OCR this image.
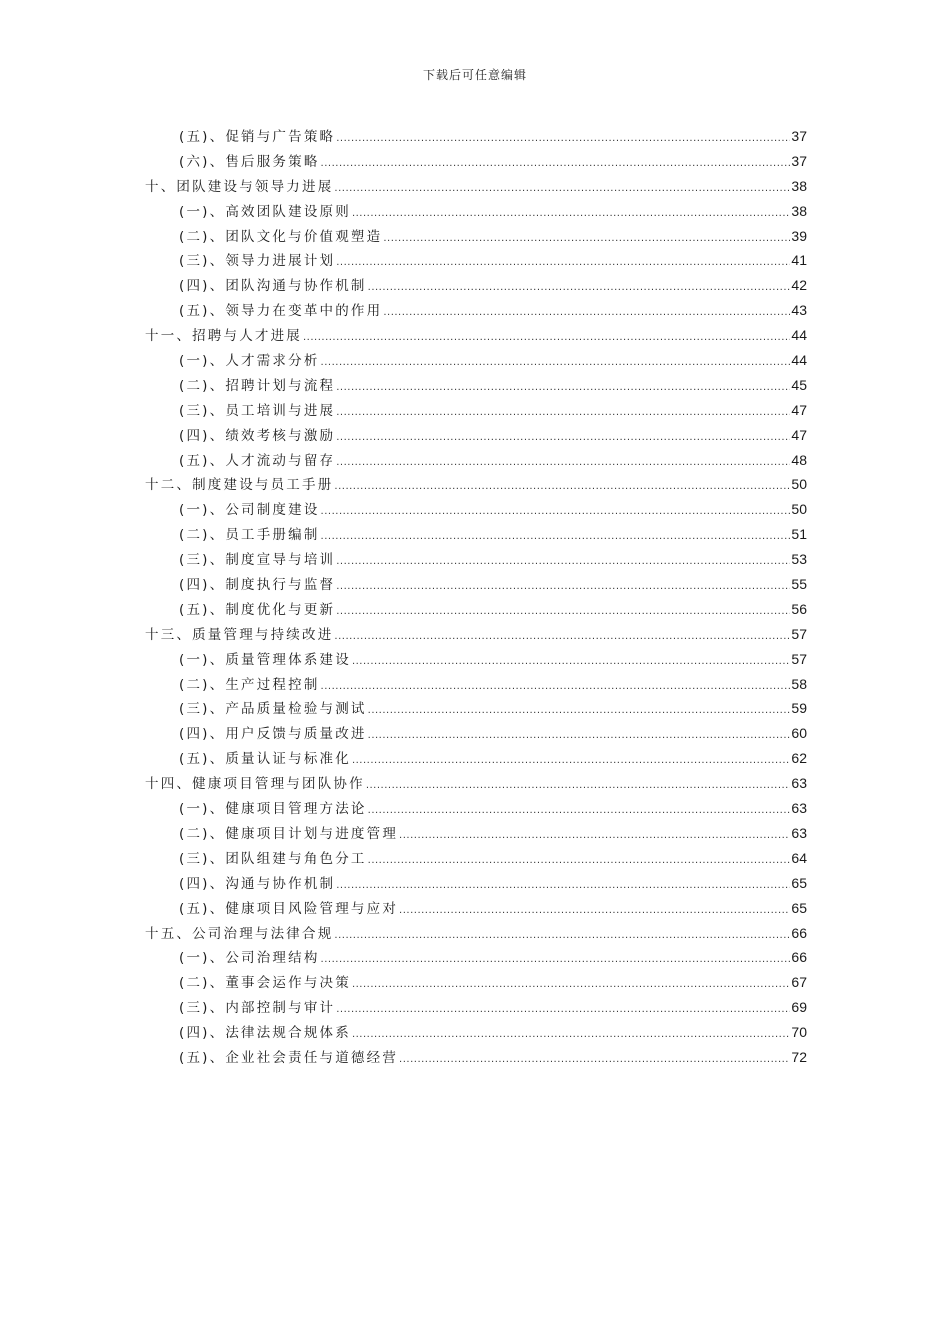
下载后可任意编辑
(五)、促销与广告策略 .....	37
(六)、售后服务策略 .....	37
十、团队建设与领导力进展 .....	38
(一)、高效团队建设原则 .....	38
(二)、团队文化与价值观塑造 .....	39
(三)、领导力进展计划 .....	41
(四)、团队沟通与协作机制 .....	42
(五)、领导力在变革中的作用 .....	43
十一、招聘与人才进展 .....	44
(一)、人才需求分析 .....	44
(二)、招聘计划与流程 .....	45
(三)、员工培训与进展 .....	47
(四)、绩效考核与激励 .....	47
(五)、人才流动与留存 .....	48
十二、制度建设与员工手册 .....	50
(一)、公司制度建设 .....	50
(二)、员工手册编制 .....	51
(三)、制度宣导与培训 .....	53
(四)、制度执行与监督 .....	55
(五)、制度优化与更新 .....	56
十三、质量管理与持续改进 .....	57
(一)、质量管理体系建设 .....	57
(二)、生产过程控制 .....	58
(三)、产品质量检验与测试 .....	59
(四)、用户反馈与质量改进 .....	60
(五)、质量认证与标准化 .....	62
十四、健康项目管理与团队协作 .....	63
(一)、健康项目管理方法论 .....	63
(二)、健康项目计划与进度管理 .....	63
(三)、团队组建与角色分工 .....	64
(四)、沟通与协作机制 .....	65
(五)、健康项目风险管理与应对 .....	65
十五、公司治理与法律合规 .....	66
(一)、公司治理结构 .....	66
(二)、董事会运作与决策 .....	67
(三)、内部控制与审计 .....	69
(四)、法律法规合规体系 .....	70
(五)、企业社会责任与道德经营 .....	72
